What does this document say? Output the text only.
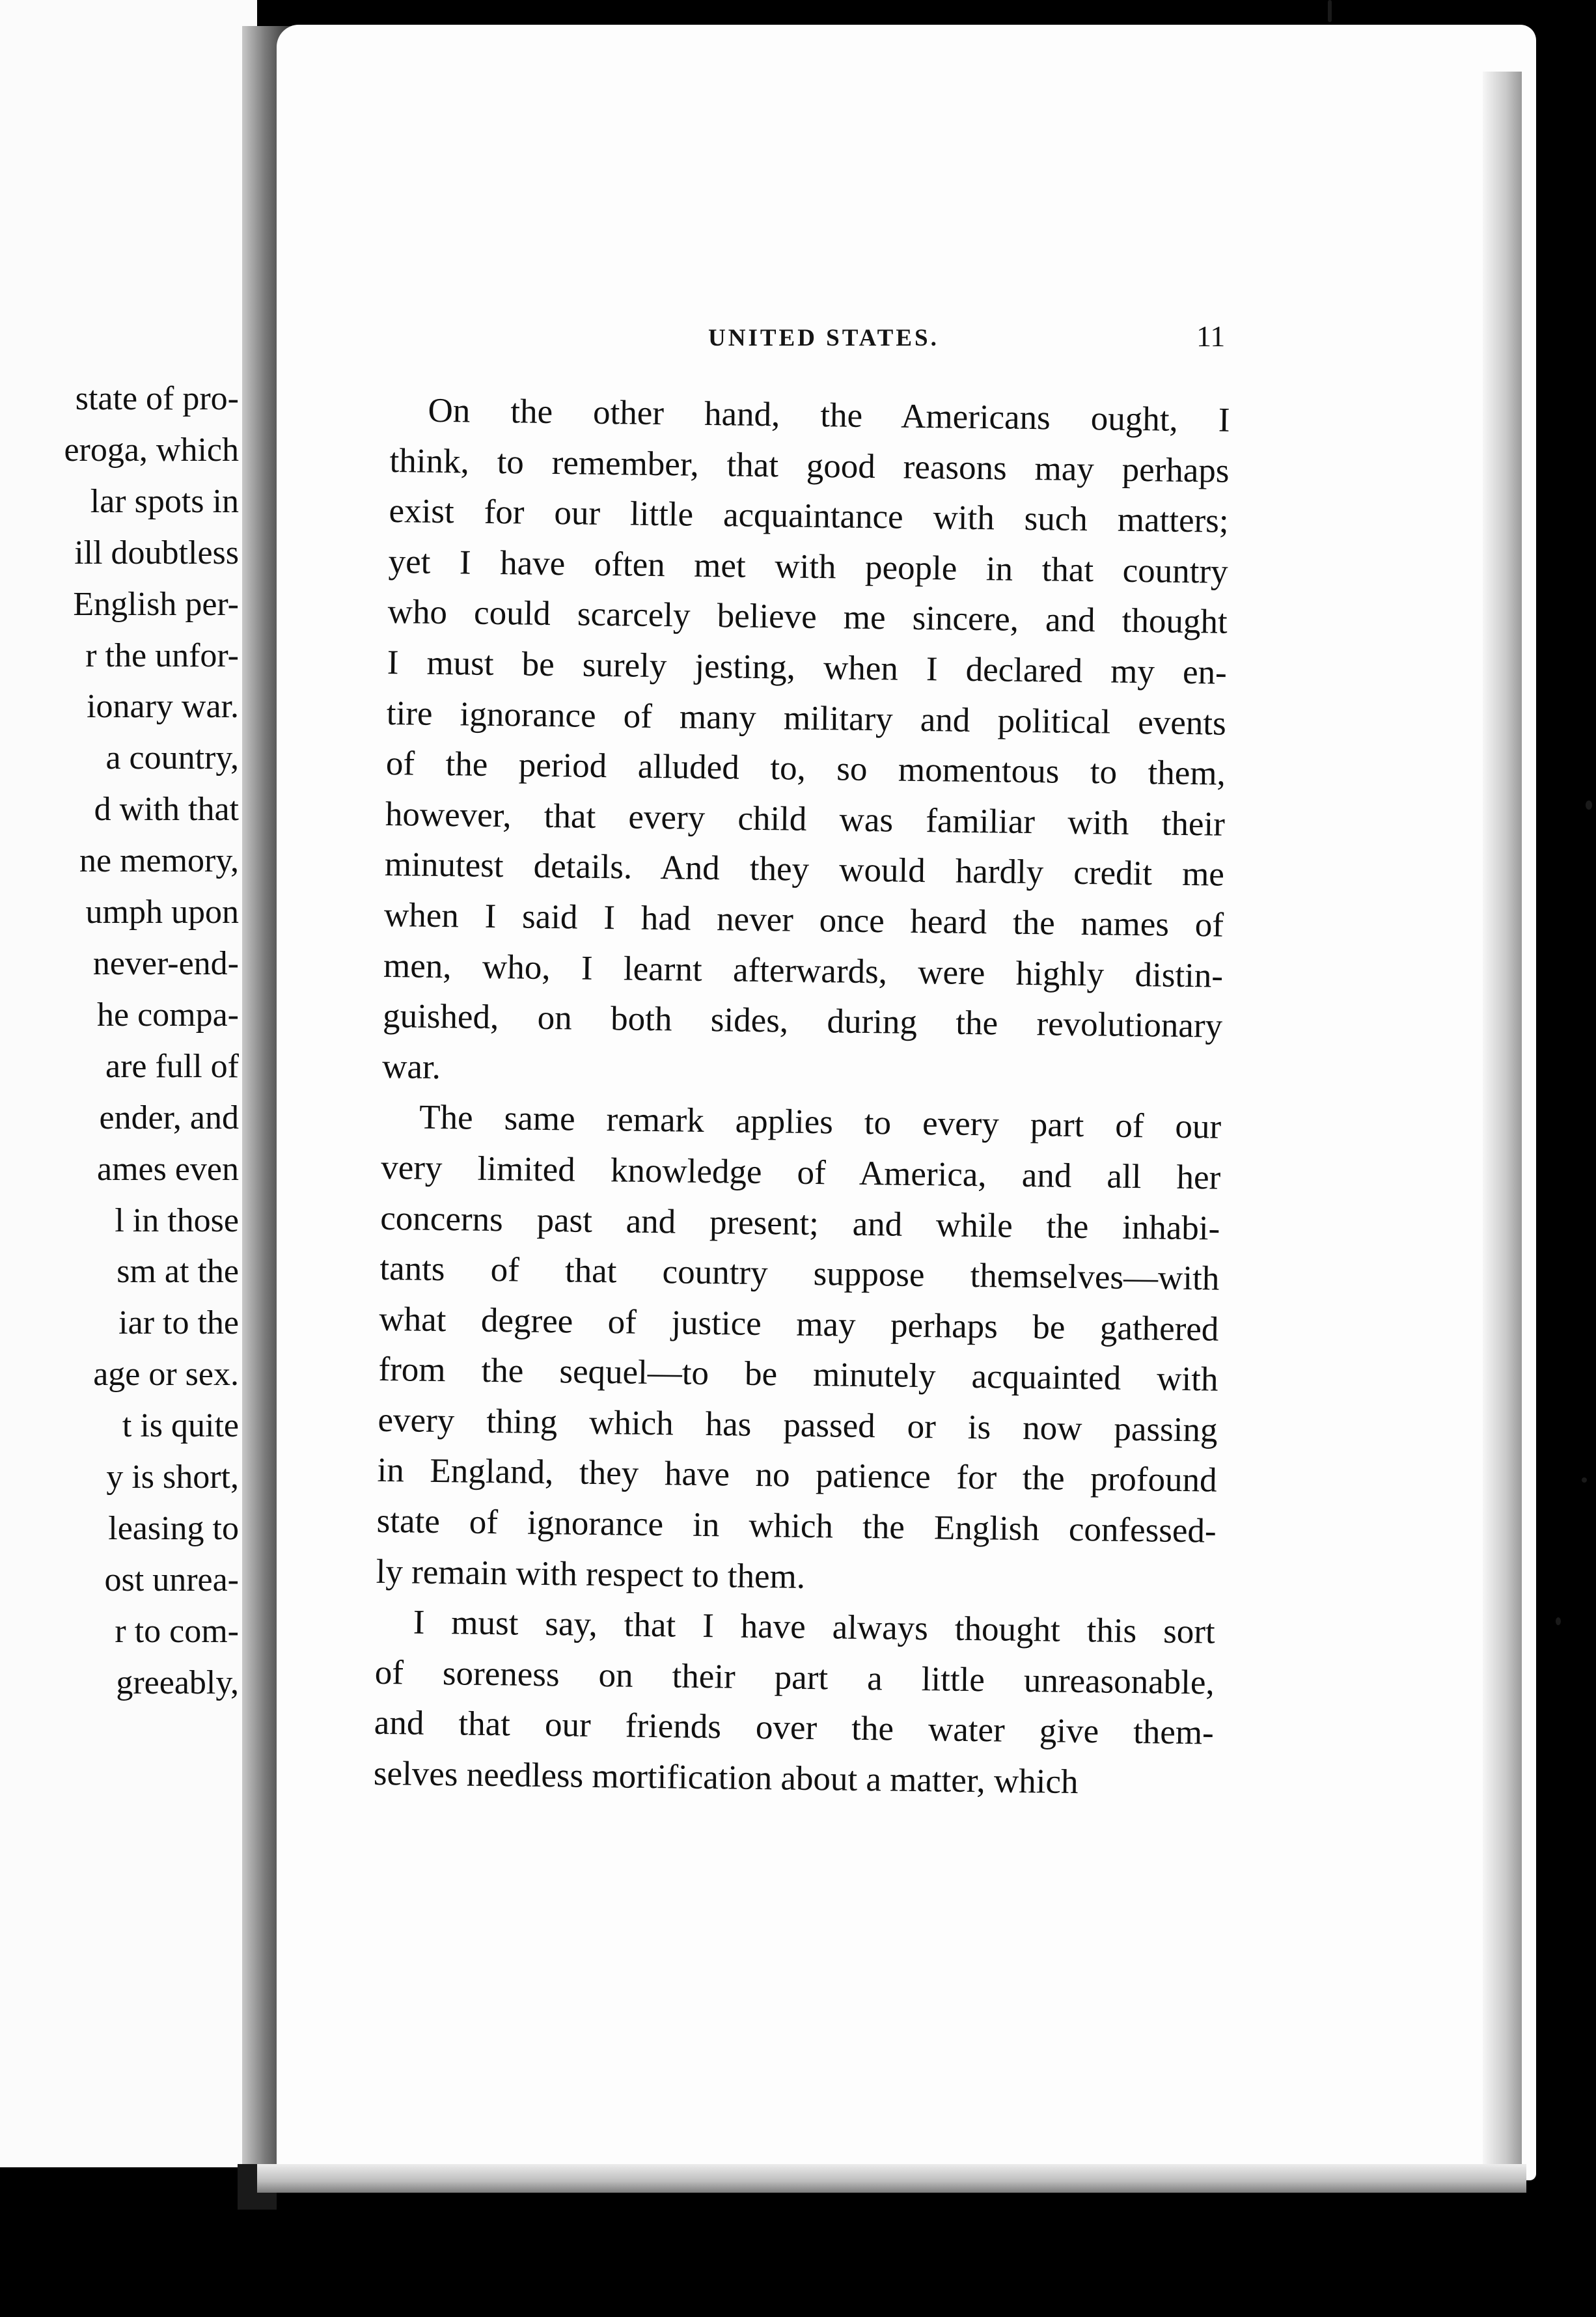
state of pro-
eroga, which
lar spots in
ill doubtless
English per-
r the unfor-
ionary war.
a country,
d with that
ne memory,
umph upon
never-end-
he compa-
are full of
ender, and
ames even
l in those
sm at the
iar to the
age or sex.
t is quite
y is short,
leasing to
ost unrea-
r to com-
greeably,
UNITED STATES.	11
On the other hand, the Americans ought, I
think, to remember, that good reasons may perhaps
exist for our little acquaintance with such matters;
yet I have often met with people in that country
who could scarcely believe me sincere, and thought
I must be surely jesting, when I declared my en-
tire ignorance of many military and political events
of the period alluded to, so momentous to them,
however, that every child was familiar with their
minutest details. And they would hardly credit me
when I said I had never once heard the names of
men, who, I learnt afterwards, were highly distin-
guished, on both sides, during the revolutionary
war.
The same remark applies to every part of our
very limited knowledge of America, and all her
concerns past and present; and while the inhabi-
tants of that country suppose themselves—with
what degree of justice may perhaps be gathered
from the sequel—to be minutely acquainted with
every thing which has passed or is now passing
in England, they have no patience for the profound
state of ignorance in which the English confessed-
ly remain with respect to them.
I must say, that I have always thought this sort
of soreness on their part a little unreasonable,
and that our friends over the water give them-
selves needless mortification about a matter, which
